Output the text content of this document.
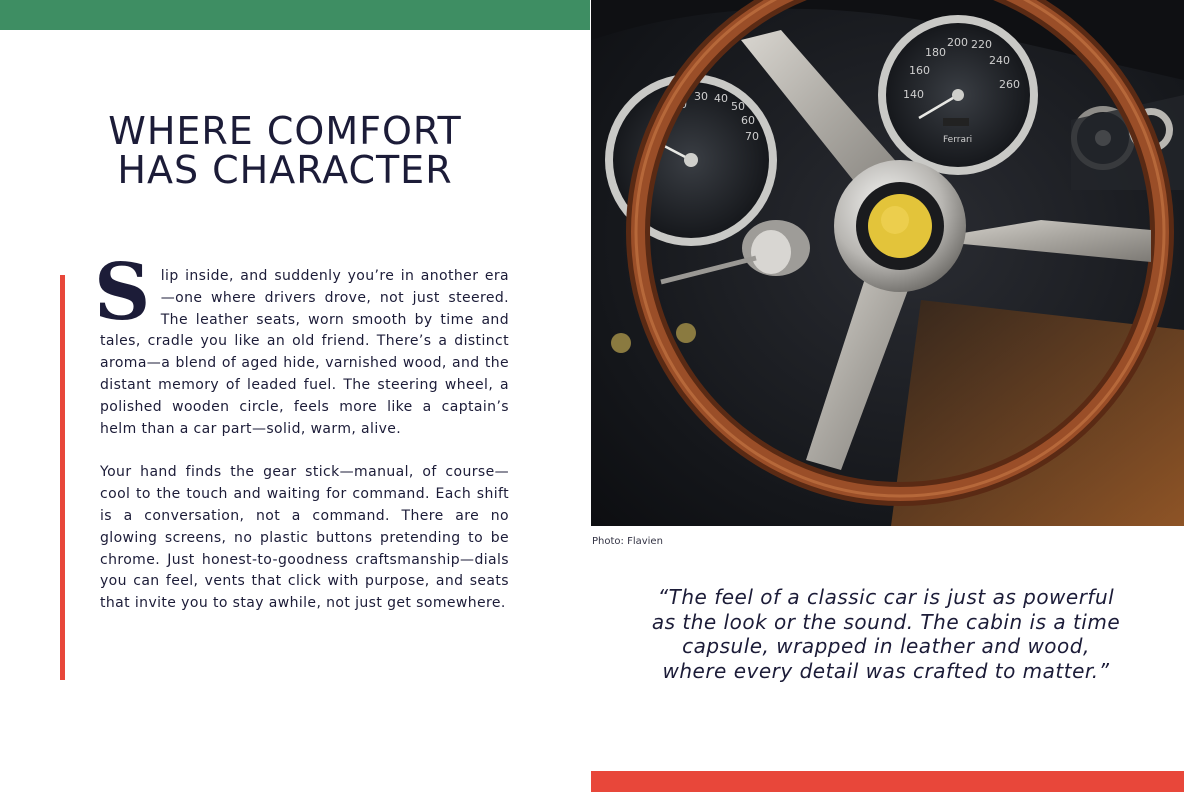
WHERE COMFORT
HAS CHARACTER

Slip inside, and suddenly you’re in another era—one where drivers drove, not just steered. The leather seats, worn smooth by time and tales, cradle you like an old friend. There’s a distinct aroma—a blend of aged hide, varnished wood, and the distant memory of leaded fuel. The steering wheel, a polished wooden circle, feels more like a captain’s helm than a car part—solid, warm, alive.

Your hand finds the gear stick—manual, of course—cool to the touch and waiting for command. Each shift is a conversation, not a command. There are no glowing screens, no plastic buttons pretending to be chrome. Just honest-to-goodness craftsmanship—dials you can feel, vents that click with purpose, and seats that invite you to stay awhile, not just get somewhere.

20
30 40
50
60
70
140
160
180
200 220
240
260
Ferrari
Photo: Flavien

“The feel of a classic car is just as powerful as the look or the sound. The cabin is a time capsule, wrapped in leather and wood, where every detail was crafted to matter.”
